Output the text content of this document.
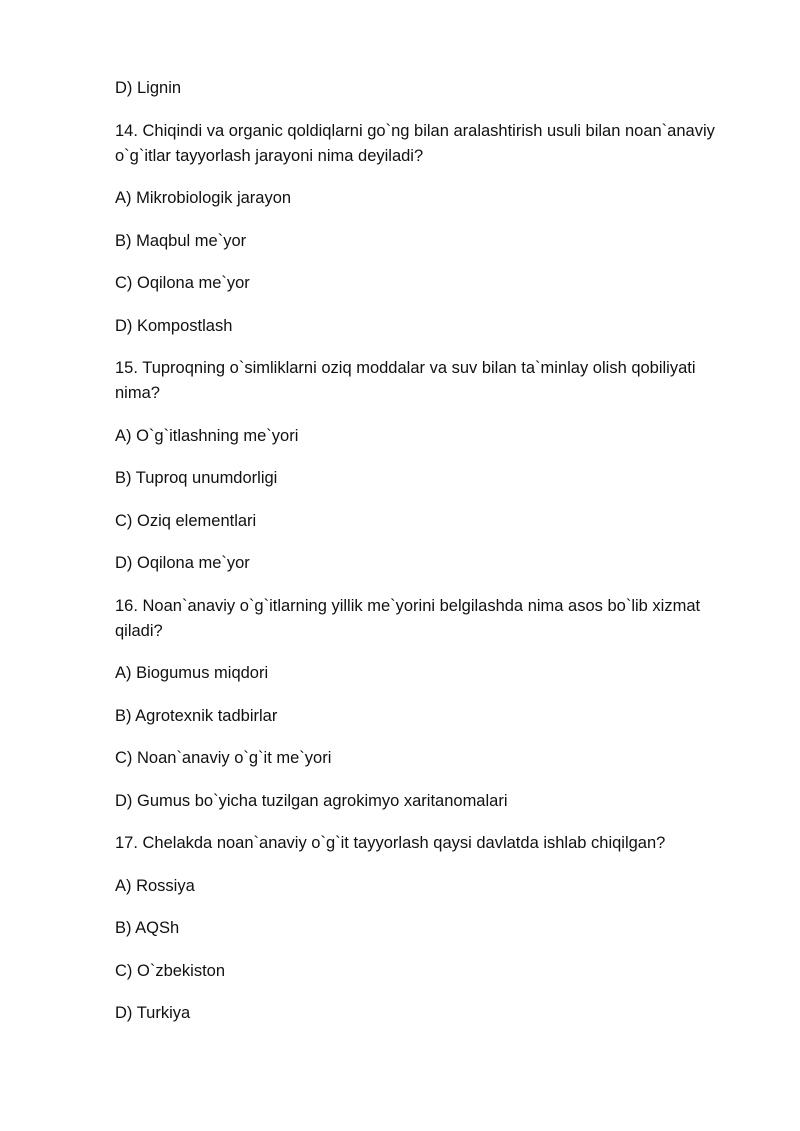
D) Lignin

14. Chiqindi va organic qoldiqlarni go`ng bilan aralashtirish usuli bilan noan`anaviy o`g`itlar tayyorlash jarayoni nima deyiladi?

A) Mikrobiologik jarayon

B) Maqbul me`yor

C) Oqilona me`yor

D) Kompostlash

15. Tuproqning o`simliklarni oziq moddalar va suv bilan ta`minlay olish qobiliyati nima?

A) O`g`itlashning me`yori

B) Tuproq unumdorligi

C) Oziq elementlari

D) Oqilona me`yor

16. Noan`anaviy o`g`itlarning yillik me`yorini belgilashda nima asos bo`lib xizmat qiladi?

A) Biogumus miqdori

B) Agrotexnik tadbirlar

C) Noan`anaviy o`g`it me`yori

D) Gumus bo`yicha tuzilgan agrokimyo xaritanomalari

17. Chelakda noan`anaviy o`g`it tayyorlash qaysi davlatda ishlab chiqilgan?

A) Rossiya

B) AQSh

C) O`zbekiston

D) Turkiya
